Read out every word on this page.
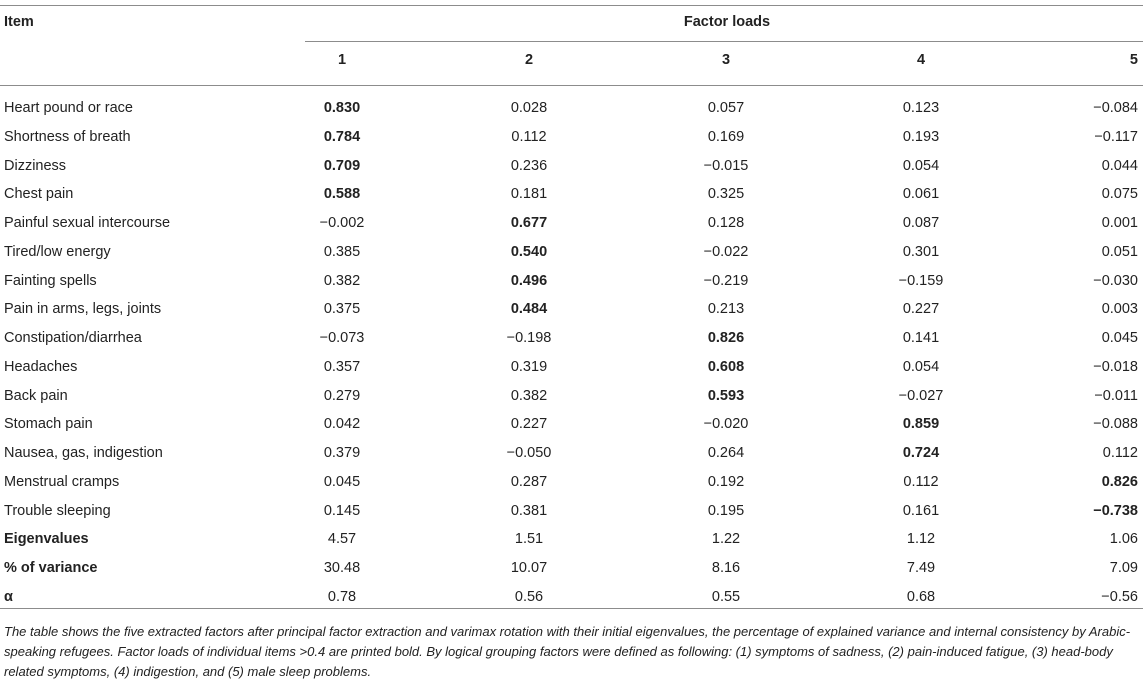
Item	Factor loads
1	2	3	4	5
Heart pound or race	0.830	0.028	0.057	0.123	−0.084
Shortness of breath	0.784	0.112	0.169	0.193	−0.117
Dizziness	0.709	0.236	−0.015	0.054	0.044
Chest pain	0.588	0.181	0.325	0.061	0.075
Painful sexual intercourse	−0.002	0.677	0.128	0.087	0.001
Tired/low energy	0.385	0.540	−0.022	0.301	0.051
Fainting spells	0.382	0.496	−0.219	−0.159	−0.030
Pain in arms, legs, joints	0.375	0.484	0.213	0.227	0.003
Constipation/diarrhea	−0.073	−0.198	0.826	0.141	0.045
Headaches	0.357	0.319	0.608	0.054	−0.018
Back pain	0.279	0.382	0.593	−0.027	−0.011
Stomach pain	0.042	0.227	−0.020	0.859	−0.088
Nausea, gas, indigestion	0.379	−0.050	0.264	0.724	0.112
Menstrual cramps	0.045	0.287	0.192	0.112	0.826
Trouble sleeping	0.145	0.381	0.195	0.161	−0.738
Eigenvalues	4.57	1.51	1.22	1.12	1.06
% of variance	30.48	10.07	8.16	7.49	7.09
α	0.78	0.56	0.55	0.68	−0.56
The table shows the five extracted factors after principal factor extraction and varimax rotation with their initial eigenvalues, the percentage of explained variance and internal consistency by Arabic-speaking refugees. Factor loads of individual items >0.4 are printed bold. By logical grouping factors were defined as following: (1) symptoms of sadness, (2) pain-induced fatigue, (3) head-body related symptoms, (4) indigestion, and (5) male sleep problems.
